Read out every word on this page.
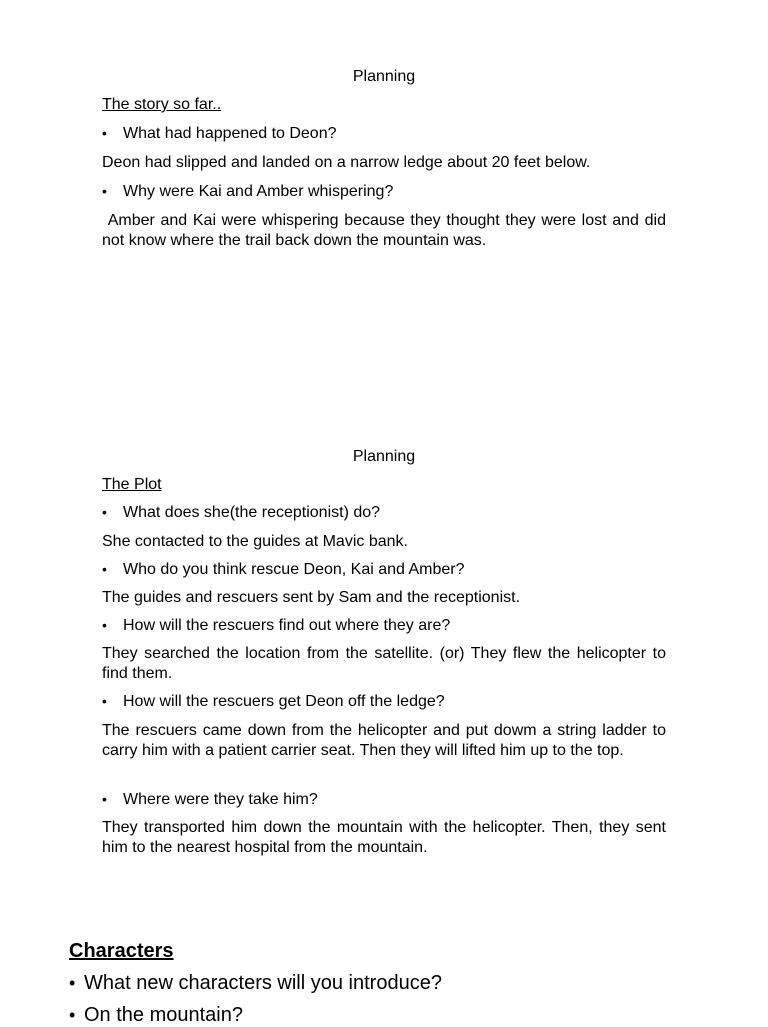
Planning
The story so far..
• What had happened to Deon?
Deon had slipped and landed on a narrow ledge about 20 feet below.
• Why were Kai and Amber whispering?
Amber and Kai were whispering because they thought they were lost and did not know where the trail back down the mountain was.
Planning
The Plot
• What does she(the receptionist) do?
She contacted to the guides at Mavic bank.
• Who do you think rescue Deon, Kai and Amber?
The guides and rescuers sent by Sam and the receptionist.
• How will the rescuers find out where they are?
They searched the location from the satellite. (or) They flew the helicopter to find them.
• How will the rescuers get Deon off the ledge?
The rescuers came down from the helicopter and put dowm a string ladder to carry him with a patient carrier seat. Then they will lifted him up to the top.
• Where were they take him?
They transported him down the mountain with the helicopter. Then, they sent him to the nearest hospital from the mountain.
Characters
• What new characters will you introduce?
• On the mountain?
